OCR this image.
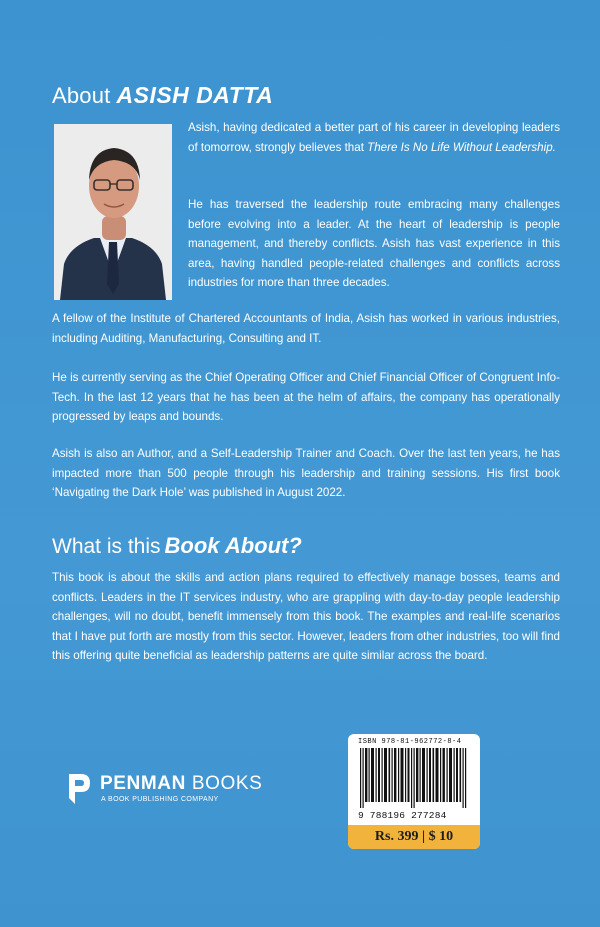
About ASISH DATTA
Asish, having dedicated a better part of his career in developing leaders of tomorrow, strongly believes that There Is No Life Without Leadership.
He has traversed the leadership route embracing many challenges before evolving into a leader. At the heart of leadership is people management, and thereby conflicts. Asish has vast experience in this area, having handled people-related challenges and conflicts across industries for more than three decades.
A fellow of the Institute of Chartered Accountants of India, Asish has worked in various industries, including Auditing, Manufacturing, Consulting and IT.
He is currently serving as the Chief Operating Officer and Chief Financial Officer of Congruent Info-Tech. In the last 12 years that he has been at the helm of affairs, the company has operationally progressed by leaps and bounds.
Asish is also an Author, and a Self-Leadership Trainer and Coach. Over the last ten years, he has impacted more than 500 people through his leadership and training sessions. His first book ‘Navigating the Dark Hole’ was published in August 2022.
What is this Book About?
This book is about the skills and action plans required to effectively manage bosses, teams and conflicts. Leaders in the IT services industry, who are grappling with day-to-day people leadership challenges, will no doubt, benefit immensely from this book. The examples and real-life scenarios that I have put forth are mostly from this sector. However, leaders from other industries, too will find this offering quite beneficial as leadership patterns are quite similar across the board.
PENMAN BOOKS
A BOOK PUBLISHING COMPANY
ISBN 978-81-962772-8-4
9 788196 277284
Rs. 399 | $ 10
